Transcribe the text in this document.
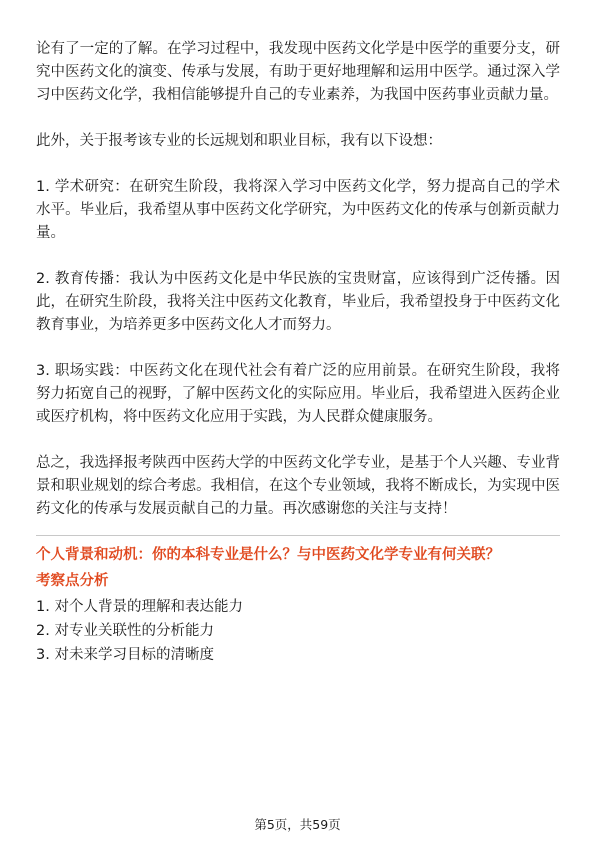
论有了一定的了解。在学习过程中，我发现中医药文化学是中医学的重要分支，研究中医药文化的演变、传承与发展，有助于更好地理解和运用中医学。通过深入学习中医药文化学，我相信能够提升自己的专业素养，为我国中医药事业贡献力量。

此外，关于报考该专业的长远规划和职业目标，我有以下设想：

1. 学术研究：在研究生阶段，我将深入学习中医药文化学，努力提高自己的学术水平。毕业后，我希望从事中医药文化学研究，为中医药文化的传承与创新贡献力量。

2. 教育传播：我认为中医药文化是中华民族的宝贵财富，应该得到广泛传播。因此，在研究生阶段，我将关注中医药文化教育，毕业后，我希望投身于中医药文化教育事业，为培养更多中医药文化人才而努力。

3. 职场实践：中医药文化在现代社会有着广泛的应用前景。在研究生阶段，我将努力拓宽自己的视野，了解中医药文化的实际应用。毕业后，我希望进入医药企业或医疗机构，将中医药文化应用于实践，为人民群众健康服务。

总之，我选择报考陕西中医药大学的中医药文化学专业，是基于个人兴趣、专业背景和职业规划的综合考虑。我相信，在这个专业领域，我将不断成长，为实现中医药文化的传承与发展贡献自己的力量。再次感谢您的关注与支持！

个人背景和动机：你的本科专业是什么？与中医药文化学专业有何关联？
考察点分析
1. 对个人背景的理解和表达能力
2. 对专业关联性的分析能力
3. 对未来学习目标的清晰度
第5页，共59页
